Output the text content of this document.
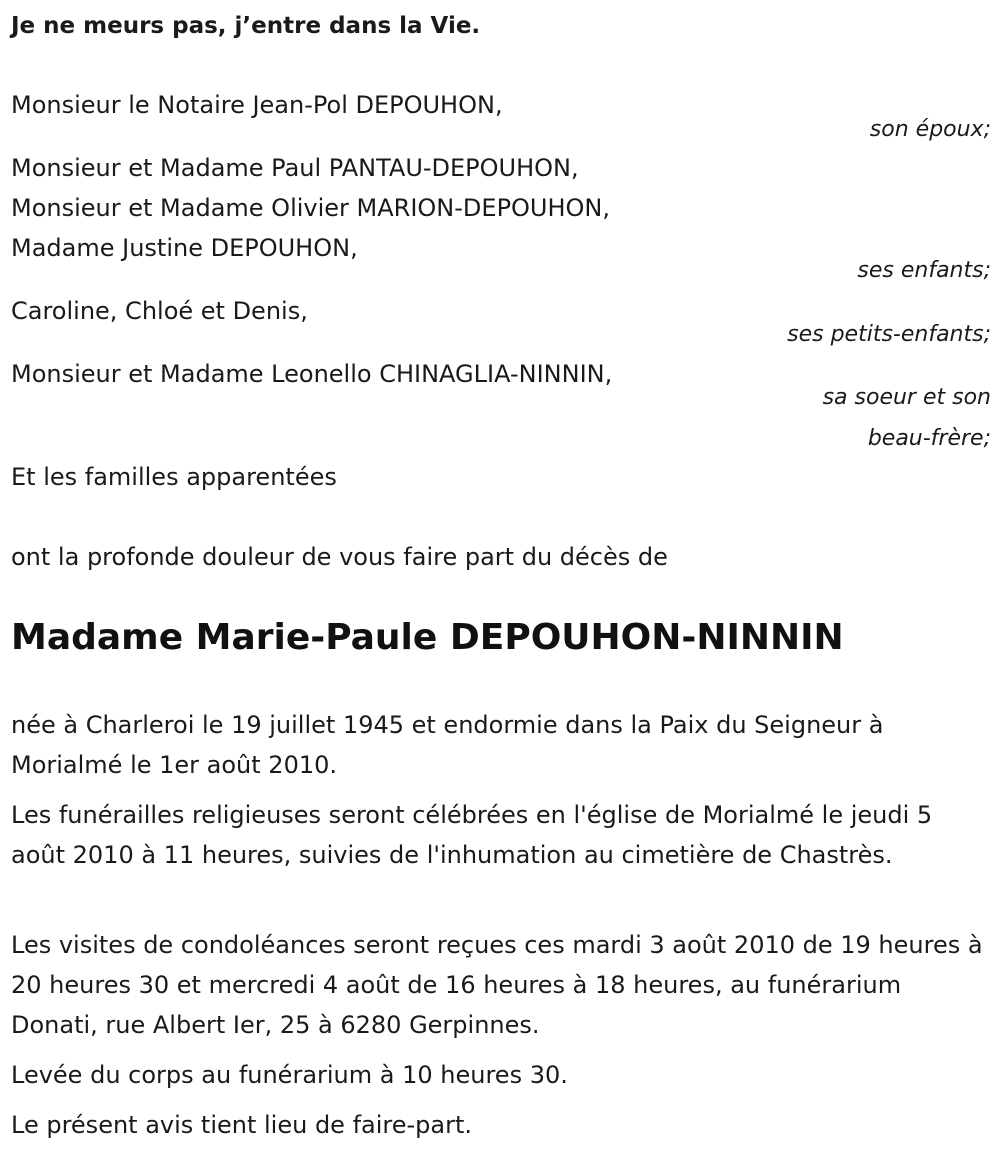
Je ne meurs pas, j’entre dans la Vie.
Monsieur le Notaire Jean-Pol DEPOUHON,
son époux;
Monsieur et Madame Paul PANTAU-DEPOUHON,
Monsieur et Madame Olivier MARION-DEPOUHON,
Madame Justine DEPOUHON,
ses enfants;
Caroline, Chloé et Denis,
ses petits-enfants;
Monsieur et Madame Leonello CHINAGLIA-NINNIN,
sa soeur et son
beau-frère;
Et les familles apparentées
ont la profonde douleur de vous faire part du décès de
Madame Marie-Paule DEPOUHON-NINNIN
née à Charleroi le 19 juillet 1945 et endormie dans la Paix du Seigneur à Morialmé le 1er août 2010.
Les funérailles religieuses seront célébrées en l'église de Morialmé le jeudi 5 août 2010 à 11 heures, suivies de l'inhumation au cimetière de Chastrès.
Les visites de condoléances seront reçues ces mardi 3 août 2010 de 19 heures à 20 heures 30 et mercredi 4 août de 16 heures à 18 heures, au funérarium Donati, rue Albert Ier, 25 à 6280 Gerpinnes.
Levée du corps au funérarium à 10 heures 30.
Le présent avis tient lieu de faire-part.
